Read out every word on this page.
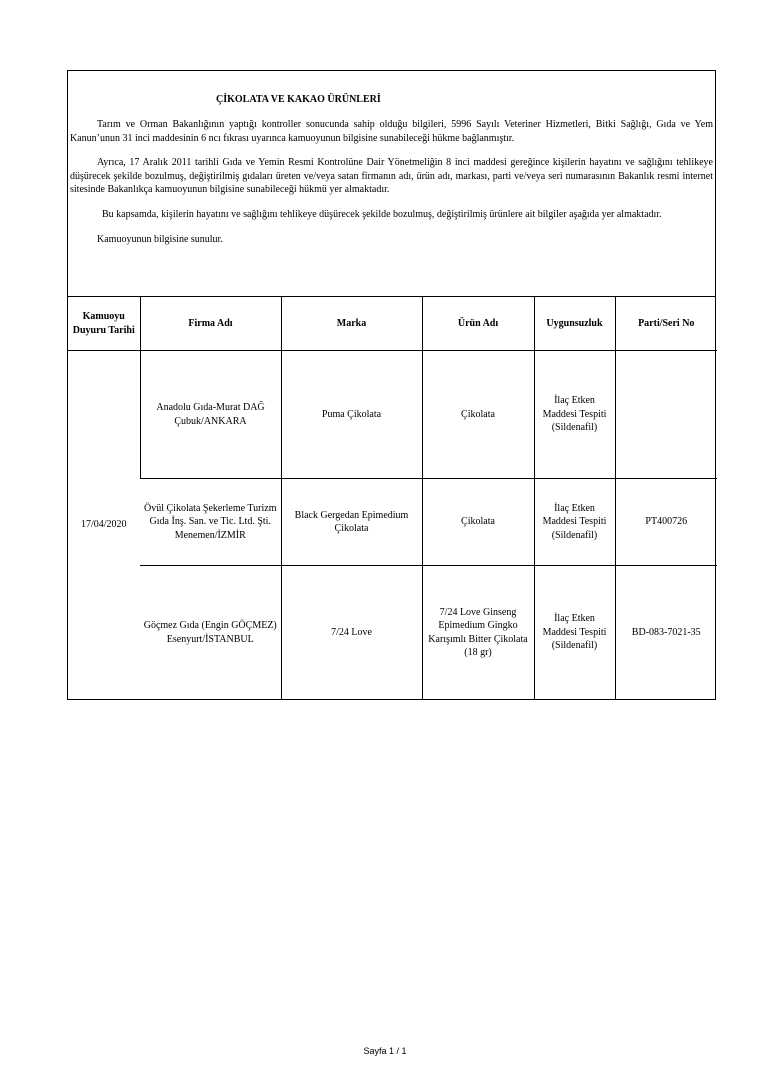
ÇİKOLATA VE KAKAO ÜRÜNLERİ

Tarım ve Orman Bakanlığının yaptığı kontroller sonucunda sahip olduğu bilgileri, 5996 Sayılı Veteriner Hizmetleri, Bitki Sağlığı, Gıda ve Yem Kanun’unun 31 inci maddesinin 6 ncı fıkrası uyarınca kamuoyunun bilgisine sunabileceği hükme bağlanmıştır.

Ayrıca, 17 Aralık 2011 tarihli Gıda ve Yemin Resmi Kontrolüne Dair Yönetmeliğin 8 inci maddesi gereğince kişilerin hayatını ve sağlığını tehlikeye düşürecek şekilde bozulmuş, değiştirilmiş gıdaları üreten ve/veya satan firmanın adı, ürün adı, markası, parti ve/veya seri numarasının Bakanlık resmi internet sitesinde Bakanlıkça kamuoyunun bilgisine sunabileceği hükmü yer almaktadır.

Bu kapsamda, kişilerin hayatını ve sağlığını tehlikeye düşürecek şekilde bozulmuş, değiştirilmiş ürünlere ait bilgiler aşağıda yer almaktadır.

Kamuoyunun bilgisine sunulur.

Kamuoyu Duyuru Tarihi	Firma Adı	Marka	Ürün Adı	Uygunsuzluk	Parti/Seri No
17/04/2020	Anadolu Gıda-Murat DAĞ Çubuk/ANKARA	Puma Çikolata	Çikolata	İlaç Etken Maddesi Tespiti (Sildenafil)	
	Övül Çikolata Şekerleme Turizm Gıda İnş. San. ve Tic. Ltd. Şti. Menemen/İZMİR	Black Gergedan Epimedium Çikolata	Çikolata	İlaç Etken Maddesi Tespiti (Sildenafil)	PT400726
	Göçmez Gıda (Engin GÖÇMEZ) Esenyurt/İSTANBUL	7/24 Love	7/24 Love Ginseng Epimedium Gingko Karışımlı Bitter Çikolata (18 gr)	İlaç Etken Maddesi Tespiti (Sildenafil)	BD-083-7021-35
Sayfa 1 / 1
